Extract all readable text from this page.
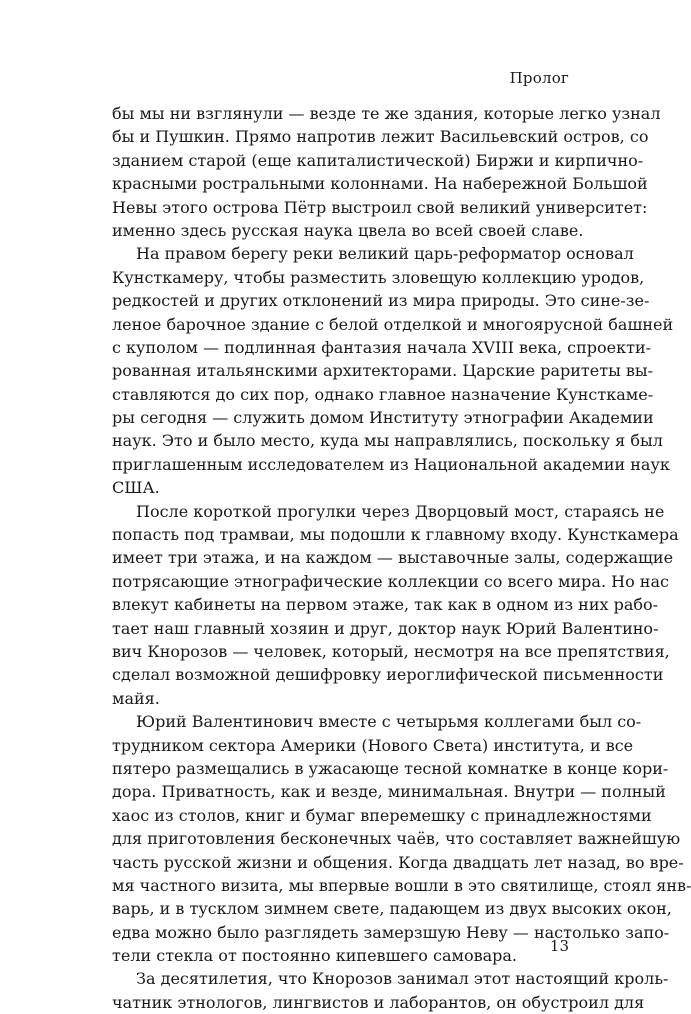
Пролог
бы мы ни взглянули — везде те же здания, которые легко узнал
бы и Пушкин. Прямо напротив лежит Васильевский остров, со
зданием старой (еще капиталистической) Биржи и кирпично-
красными ростральными колоннами. На набережной Большой
Невы этого острова Пётр выстроил свой великий университет:
именно здесь русская наука цвела во всей своей славе.
На правом берегу реки великий царь-реформатор основал
Кунсткамеру, чтобы разместить зловещую коллекцию уродов,
редкостей и других отклонений из мира природы. Это сине-зе-
леное барочное здание с белой отделкой и многоярусной башней
с куполом — подлинная фантазия начала XVIII века, спроекти-
рованная итальянскими архитекторами. Царские раритеты вы-
ставляются до сих пор, однако главное назначение Кунсткаме-
ры сегодня — служить домом Институту этнографии Академии
наук. Это и было место, куда мы направлялись, поскольку я был
приглашенным исследователем из Национальной академии наук
США.
После короткой прогулки через Дворцовый мост, стараясь не
попасть под трамваи, мы подошли к главному входу. Кунсткамера
имеет три этажа, и на каждом — выставочные залы, содержащие
потрясающие этнографические коллекции со всего мира. Но нас
влекут кабинеты на первом этаже, так как в одном из них рабо-
тает наш главный хозяин и друг, доктор наук Юрий Валентино-
вич Кнорозов — человек, который, несмотря на все препятствия,
сделал возможной дешифровку иероглифической письменности
майя.
Юрий Валентинович вместе с четырьмя коллегами был со-
трудником сектора Америки (Нового Света) института, и все
пятеро размещались в ужасающе тесной комнатке в конце кори-
дора. Приватность, как и везде, минимальная. Внутри — полный
хаос из столов, книг и бумаг вперемешку с принадлежностями
для приготовления бесконечных чаёв, что составляет важнейшую
часть русской жизни и общения. Когда двадцать лет назад, во вре-
мя частного визита, мы впервые вошли в это святилище, стоял янв-
варь, и в тусклом зимнем свете, падающем из двух высоких окон,
едва можно было разглядеть замерзшую Неву — настолько запо-
тели стекла от постоянно кипевшего самовара.
За десятилетия, что Кнорозов занимал этот настоящий кроль-
чатник этнологов, лингвистов и лаборантов, он обустроил для
13
